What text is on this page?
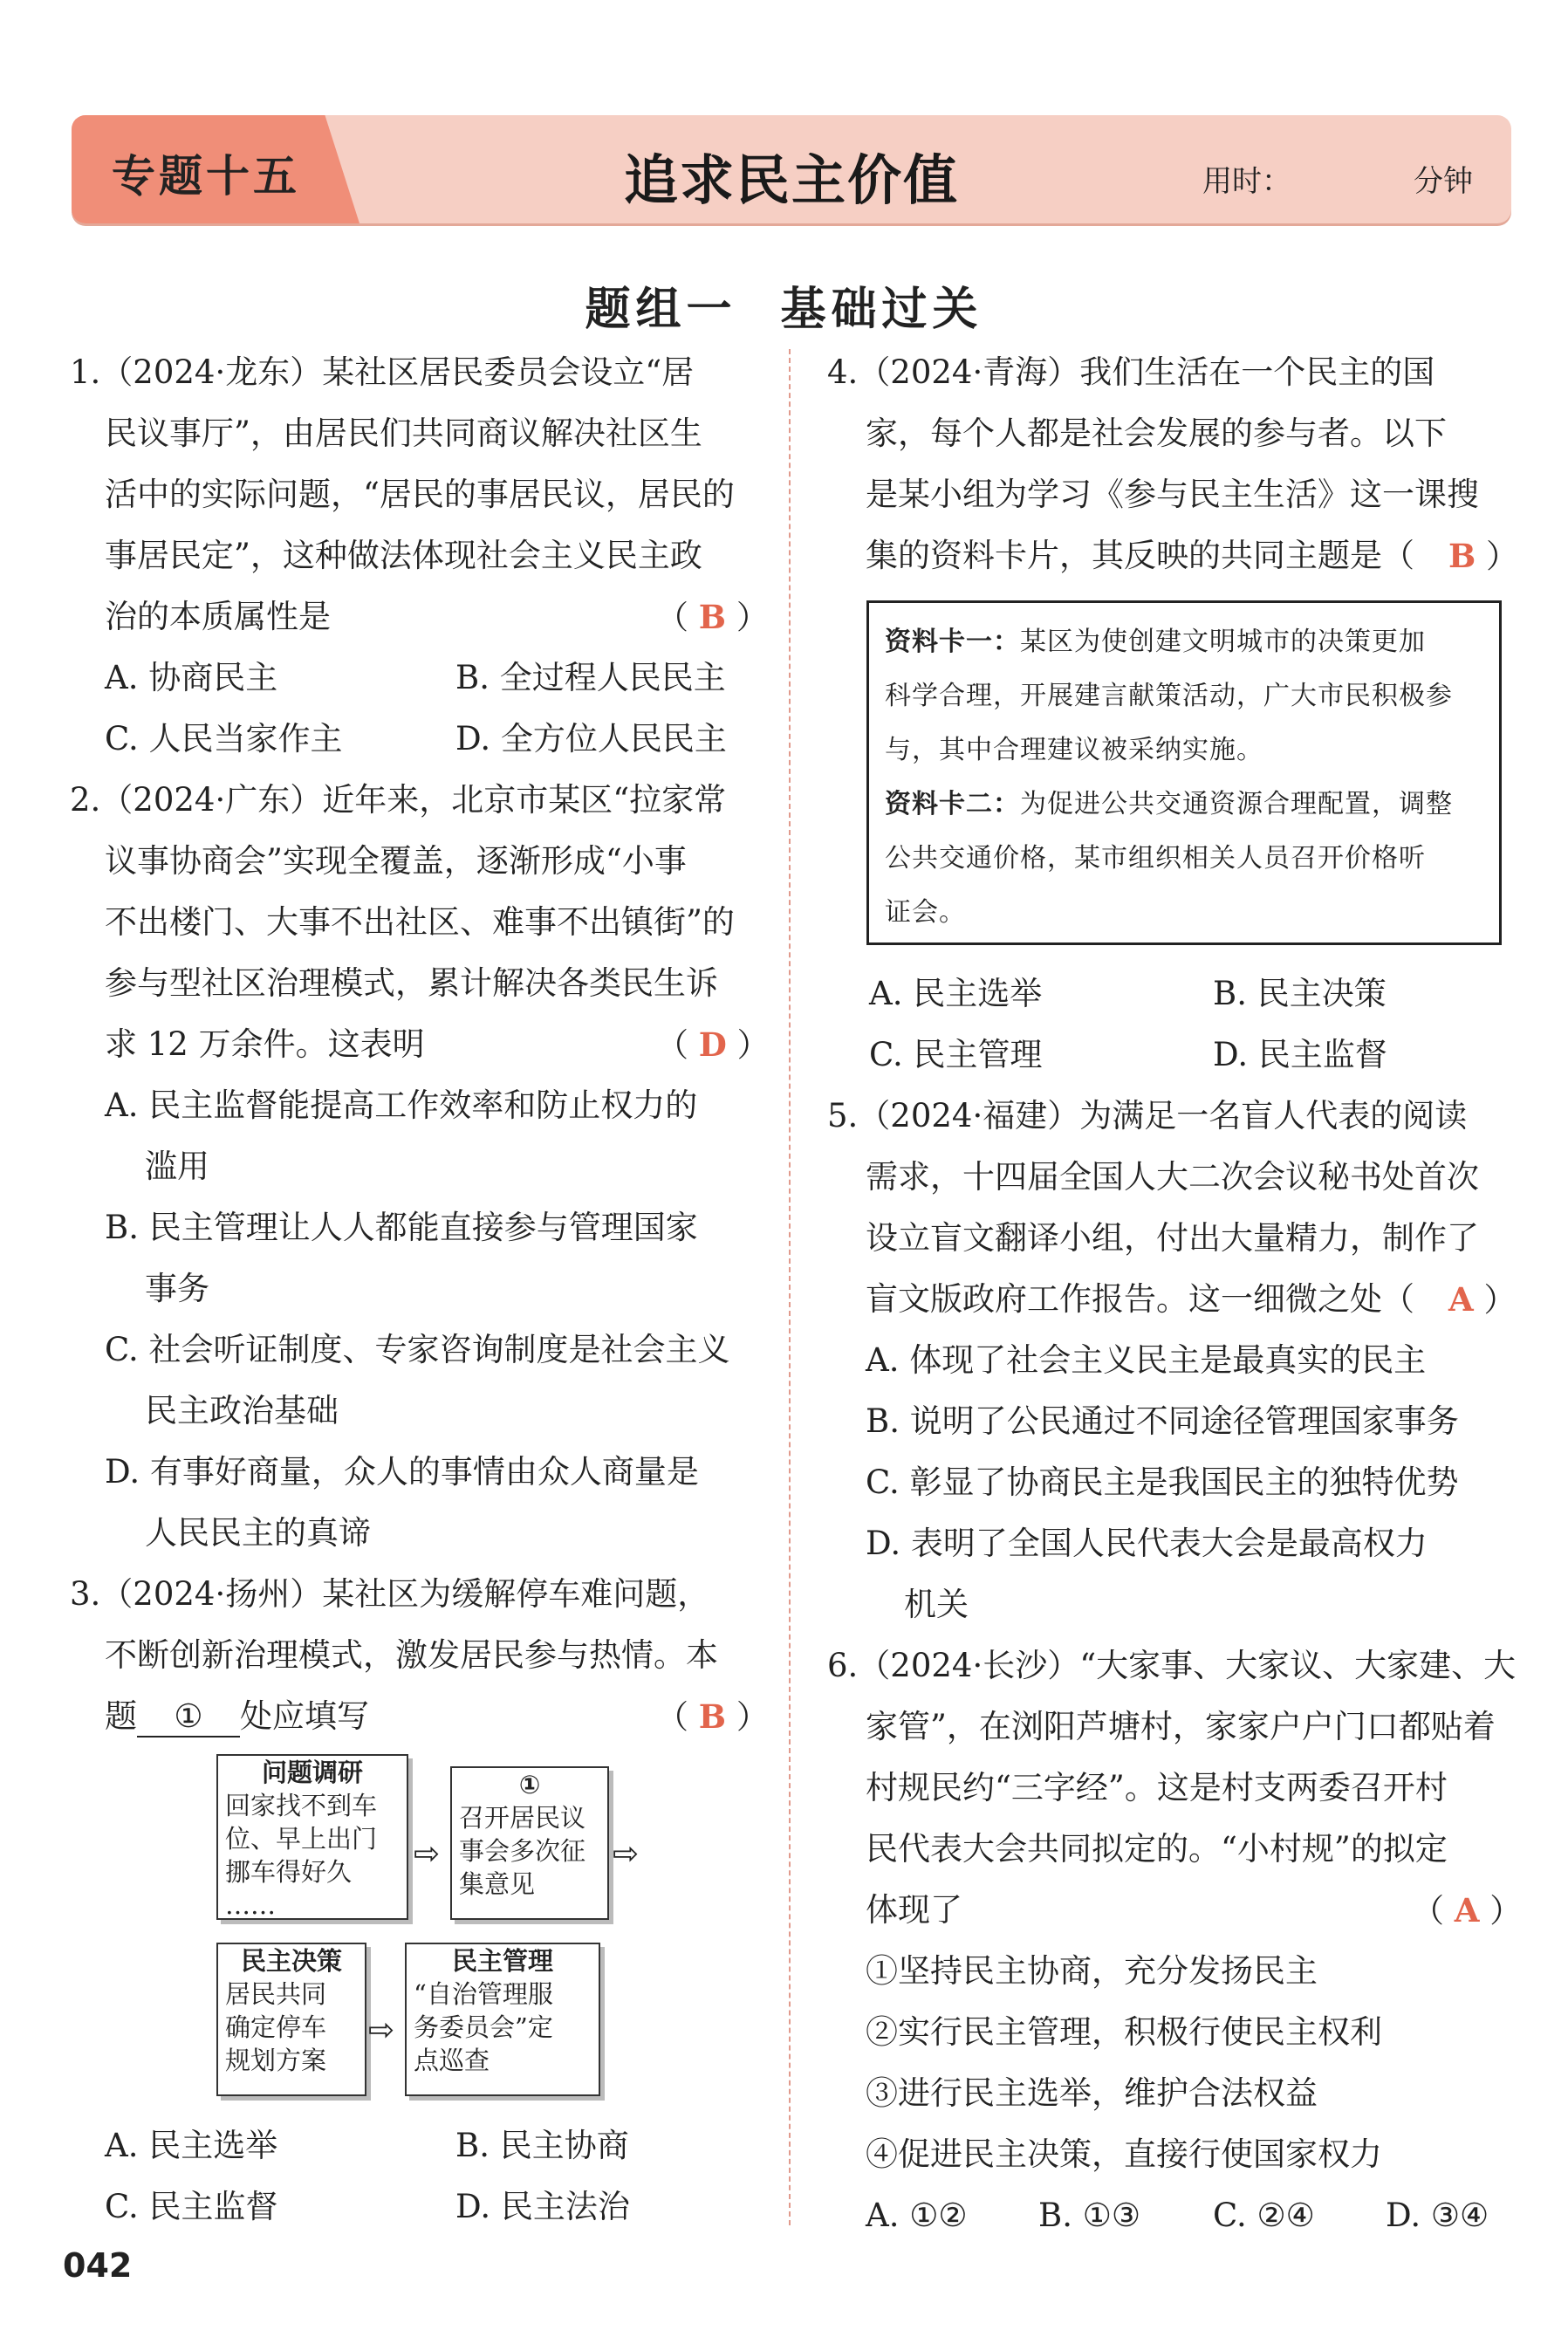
专题十五	追求民主价值	用时：	分钟
题组一 基础过关
1.（2024·龙东）某社区居民委员会设立“居
民议事厅”，由居民们共同商议解决社区生
活中的实际问题，“居民的事居民议，居民的
事居民定”，这种做法体现社会主义民主政
治的本质属性是	（ B ）
A. 协商民主	B. 全过程人民民主
C. 人民当家作主	D. 全方位人民民主
2.（2024·广东）近年来，北京市某区“拉家常
议事协商会”实现全覆盖，逐渐形成“小事
不出楼门、大事不出社区、难事不出镇街”的
参与型社区治理模式，累计解决各类民生诉
求 12 万余件。这表明	（ D ）
A. 民主监督能提高工作效率和防止权力的
滥用
B. 民主管理让人人都能直接参与管理国家
事务
C. 社会听证制度、专家咨询制度是社会主义
民主政治基础
D. 有事好商量，众人的事情由众人商量是
人民民主的真谛
3.（2024·扬州）某社区为缓解停车难问题，
不断创新治理模式，激发居民参与热情。本
题 ① 处应填写	（ B ）
问题调研
回家找不到车
位、早上出门
挪车得好久
……
⇨
①
召开居民议
事会多次征
集意见
⇨
民主决策
居民共同
确定停车
规划方案
⇨
民主管理
“自治管理服
务委员会”定
点巡查
A. 民主选举	B. 民主协商
C. 民主监督	D. 民主法治
4.（2024·青海）我们生活在一个民主的国
家，每个人都是社会发展的参与者。以下
是某小组为学习《参与民主生活》这一课搜
集的资料卡片，其反映的共同主题是（ B ）
资料卡一：某区为使创建文明城市的决策更加
科学合理，开展建言献策活动，广大市民积极参
与，其中合理建议被采纳实施。
资料卡二：为促进公共交通资源合理配置，调整
公共交通价格，某市组织相关人员召开价格听
证会。
A. 民主选举	B. 民主决策
C. 民主管理	D. 民主监督
5.（2024·福建）为满足一名盲人代表的阅读
需求，十四届全国人大二次会议秘书处首次
设立盲文翻译小组，付出大量精力，制作了
盲文版政府工作报告。这一细微之处（ A ）
A. 体现了社会主义民主是最真实的民主
B. 说明了公民通过不同途径管理国家事务
C. 彰显了协商民主是我国民主的独特优势
D. 表明了全国人民代表大会是最高权力
机关
6.（2024·长沙）“大家事、大家议、大家建、大
家管”，在浏阳芦塘村，家家户户门口都贴着
村规民约“三字经”。这是村支两委召开村
民代表大会共同拟定的。“小村规”的拟定
体现了	（ A ）
①坚持民主协商，充分发扬民主
②实行民主管理，积极行使民主权利
③进行民主选举，维护合法权益
④促进民主决策，直接行使国家权力
A. ①② B. ①③ C. ②④ D. ③④
042
